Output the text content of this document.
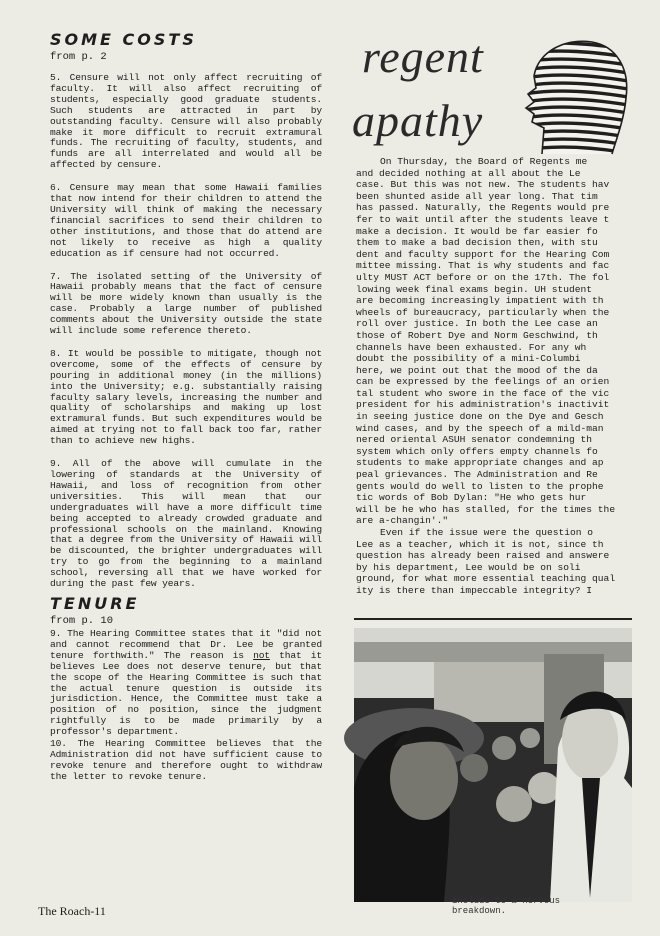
SOME COSTS
from p. 2

5. Censure will not only affect recruiting of faculty. It will also affect recruiting of students, especially good graduate students. Such students are attracted in part by outstanding faculty. Censure will also probably make it more difficult to recruit extramural funds. The recruiting of faculty, students, and funds are all interrelated and would all be affected by censure.

6. Censure may mean that some Hawaii families that now intend for their children to attend the University will think of making the necessary financial sacrifices to send their children to other institutions, and those that do attend are not likely to receive as high a quality education as if censure had not occurred.

7. The isolated setting of the University of Hawaii probably means that the fact of censure will be more widely known than usually is the case. Probably a large number of published comments about the University outside the state will include some reference thereto.

8. It would be possible to mitigate, though not overcome, some of the effects of censure by pouring in additional money (in the millions) into the University; e.g. substantially raising faculty salary levels, increasing the number and quality of scholarships and making up lost extramural funds. But such expenditures would be aimed at trying not to fall back too far, rather than to achieve new highs.

9. All of the above will cumulate in the lowering of standards at the University of Hawaii, and loss of recognition from other universities. This will mean that our undergraduates will have a more difficult time being accepted to already crowded graduate and professional schools on the mainland. Knowing that a degree from the University of Hawaii will be discounted, the brighter undergraduates will try to go from the beginning to a mainland school, reversing all that we have worked for during the past few years.

TENURE
from p. 10

9. The Hearing Committee states that it "did not and cannot recommend that Dr. Lee be granted tenure forthwith." The reason is not that it believes Lee does not deserve tenure, but that the scope of the Hearing Committee is such that the actual tenure question is outside its jurisdiction. Hence, the Committee must take a position of no position, since the judgment rightfully is to be made primarily by a professor's department.

10. The Hearing Committee believes that the Administration did not have sufficient cause to revoke tenure and therefore ought to withdraw the letter to revoke tenure.

The Roach-11
regent
apathy
On Thursday, the Board of Regents me
and decided nothing at all about the Le
case. But this was not new. The students hav
been shunted aside all year long. That tim
has passed. Naturally, the Regents would pre
fer to wait until after the students leave t
make a decision. It would be far easier fo
them to make a bad decision then, with stu
dent and faculty support for the Hearing Com
mittee missing. That is why students and fac
ulty MUST ACT before or on the 17th. The fol
lowing week final exams begin. UH student
are becoming increasingly impatient with th
wheels of bureaucracy, particularly when the
roll over justice. In both the Lee case an
those of Robert Dye and Norm Geschwind, th
channels have been exhausted. For any wh
doubt the possibility of a mini-Columbi
here, we point out that the mood of the da
can be expressed by the feelings of an orien
tal student who swore in the face of the vic
president for his administration's inactivit
in seeing justice done on the Dye and Gesch
wind cases, and by the speech of a mild-man
nered oriental ASUH senator condemning th
system which only offers empty channels fo
students to make appropriate changes and ap
peal grievances. The Administration and Re
gents would do well to listen to the prophe
tic words of Bob Dylan: "He who gets hur
will be he who has stalled, for the times the
are a-changin'."
Even if the issue were the question o
Lee as a teacher, which it is not, since th
question has already been raised and answere
by his department, Lee would be on soli
ground, for what more essential teaching qual
ity is there than impeccable integrity? I
include to a nervous breakdown.
